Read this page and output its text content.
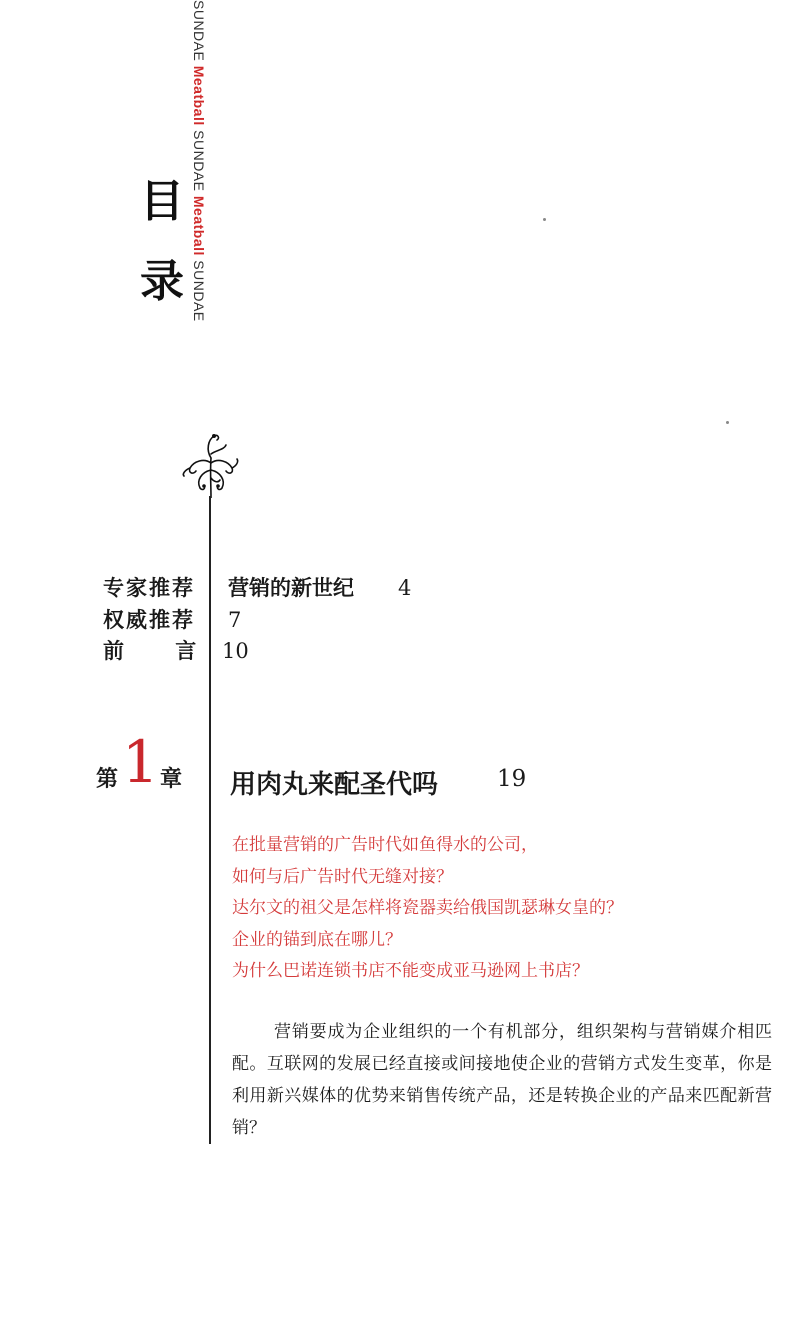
SUNDAE Meatball SUNDAE Meatball SUNDAE
目
录
专家推荐 营销的新世纪 4
权威推荐 7
前 言 10
第 1 章 用肉丸来配圣代吗	19
在批量营销的广告时代如鱼得水的公司，
如何与后广告时代无缝对接？
达尔文的祖父是怎样将瓷器卖给俄国凯瑟琳女皇的？
企业的锚到底在哪儿？
为什么巴诺连锁书店不能变成亚马逊网上书店？

营销要成为企业组织的一个有机部分，组织架构与营销媒介相匹配。互联网的发展已经直接或间接地使企业的营销方式发生变革，你是利用新兴媒体的优势来销售传统产品，还是转换企业的产品来匹配新营销？
